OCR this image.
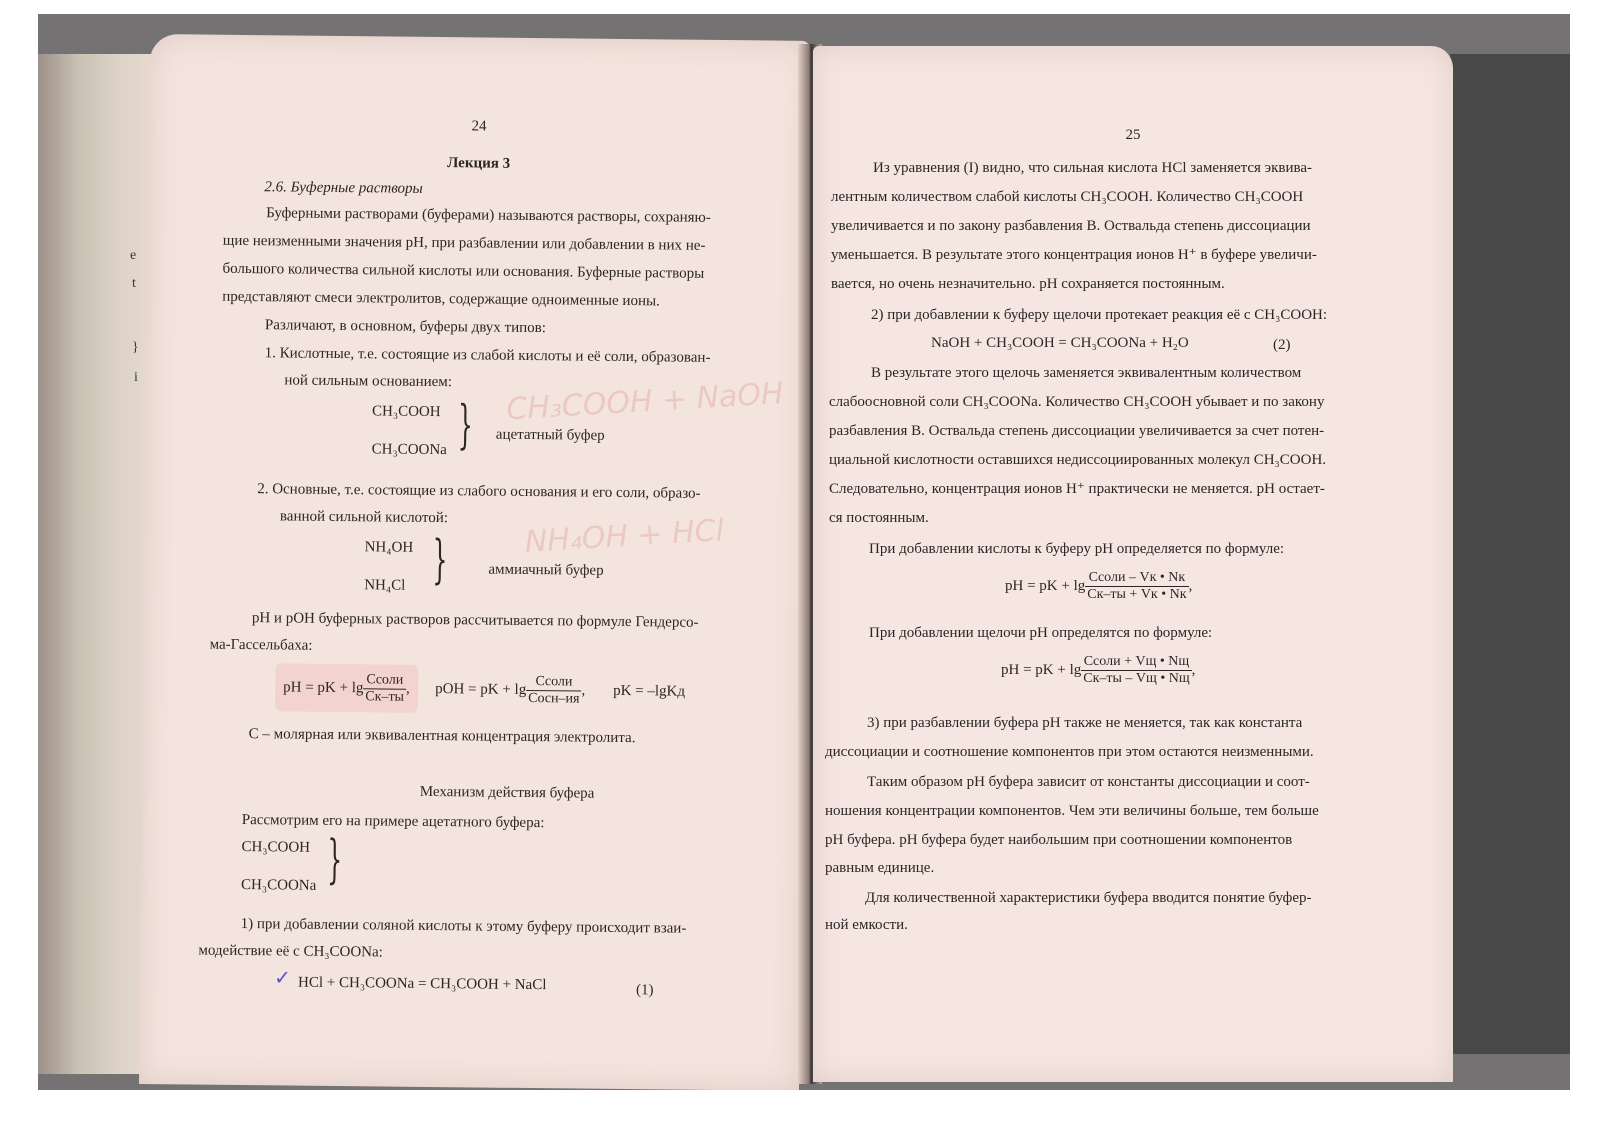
e
t
}
i	CH₃COOH + NaOH
NH₄OH + HCl
24
Лекция 3
2.6. Буферные растворы
Буферными растворами (буферами) называются растворы, сохраняю-
щие неизменными значения pH, при разбавлении или добавлении в них не-
большого количества сильной кислоты или основания. Буферные растворы
представляют смеси электролитов, содержащие одноименные ионы.
Различают, в основном, буферы двух типов:
1. Кислотные, т.е. состоящие из слабой кислоты и её соли, образован-
ной сильным основанием:
CH₃COOH
CH₃COONa } ацетатный буфер
2. Основные, т.е. состоящие из слабого основания и его соли, образо-
ванной сильной кислотой:
NH₄OH
NH₄Cl }	аммиачный буфер
pH и pOH буферных растворов рассчитывается по формуле Гендерсо-
ма-Гассельбаха:
pH = pK + $\lg \frac{\text{Cсоли}}{Cк-ты}$ ,	pOH = pK + $\lg \frac{\text{Cсоли}}{\text{Cосн–ия}}$ , pK = –lgKд
C – молярная или эквивалентная концентрация электролита.
Механизм действия буфера
Рассмотрим его на примере ацетатного буфера:
CH₃COOH
CH₃COONa }
1) при добавлении соляной кислоты к этому буферу происходит взаи-
модействие её с CH₃COONa:
✓ HCl + CH₃COONa = CH₃COOH + NaCl	(1)
25
Из уравнения (I) видно, что сильная кислота HCl заменяется эквива-
лентным количеством слабой кислоты CH₃COOH. Количество CH₃COOH
увеличивается и по закону разбавления В. Оствальда степень диссоциации
уменьшается. В результате этого концентрация ионов H⁺ в буфере увеличи-
вается, но очень незначительно. pH сохраняется постоянным.
2) при добавлении к буферу щелочи протекает реакция её с CH₃COOH:
NaOH + CH₃COOH = CH₃COONa + H₂O	(2)
В результате этого щелочь заменяется эквивалентным количеством
слабоосновной соли CH₃COONa. Количество CH₃COOH убывает и по закону
разбавления В. Оствальда степень диссоциации увеличивается за счет потен-
циальной кислотности оставшихся недиссоциированных молекул CH₃COOH.
Следовательно, концентрация ионов H⁺ практически не меняется. pH остает-
ся постоянным.
При добавлении кислоты к буферу pH определяется по формуле:
pH = pK + $\lg \frac{\text{Cсоли – Vк • Nк}}{Cк-ты + Vк • Nк}$ ,
При добавлении щелочи pH определятся по формуле:
pH = pK + $\lg \frac{\text{Cсоли + Vщ • Nщ}}{Cк-ты - Vщ • Nщ}$ ,
3) при разбавлении буфера pH также не меняется, так как константа
диссоциации и соотношение компонентов при этом остаются неизменными.
Таким образом pH буфера зависит от константы диссоциации и соот-
ношения концентрации компонентов. Чем эти величины больше, тем больше
pH буфера. pH буфера будет наибольшим при соотношении компонентов
равным единице.
Для количественной характеристики буфера вводится понятие буфер-
ной емкости.
